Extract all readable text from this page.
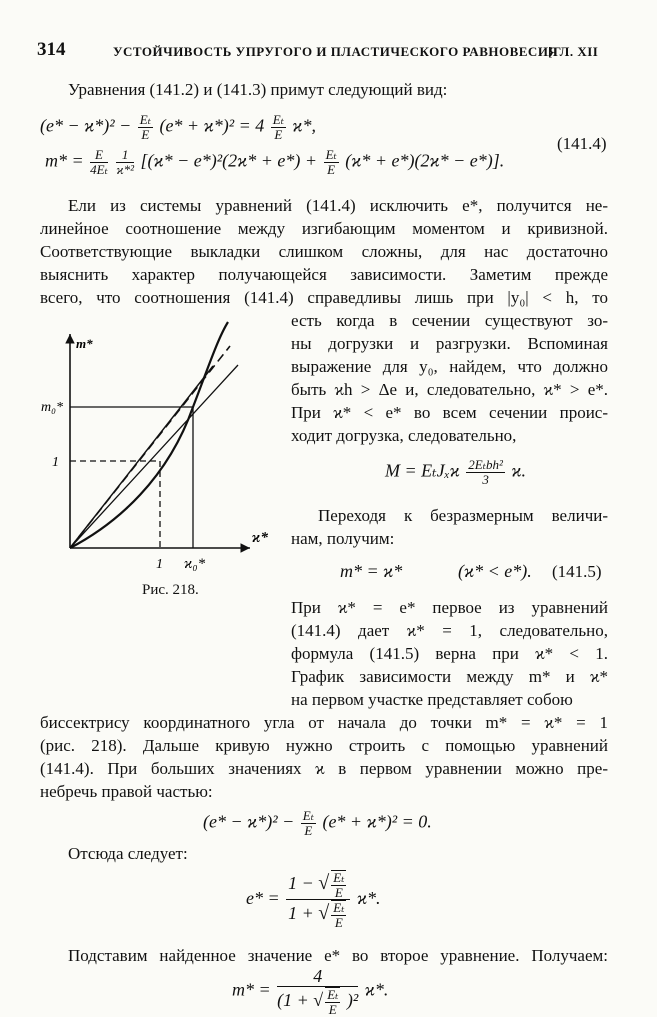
314	УСТОЙЧИВОСТЬ УПРУГОГО И ПЛАСТИЧЕСКОГО РАВНОВЕСИЯ
[ГЛ. XII
Уравнения (141.2) и (141.3) примут следующий вид:
$(e* - ϰ*)^2 - \frac{\text{Eₜ}}{E} (e* + ϰ*)^2 = 4 \frac{\text{Eₜ}}{E} ϰ*$,
(141.4)
$m* = \frac{E}{\text{4Eₜ}}$
$\frac{1}{\text{ϰ*²}} [(ϰ* - e*)^2(2ϰ* + e*) + \frac{\text{Eₜ}}{E} (ϰ* + e*)(2ϰ* - e*)]$.
Ели из системы уравнений (141.4) исключить e*, получится не-
линейное соотношение между изгибающим моментом и кривизной.
Соответствующие выкладки слишком сложны, для нас достаточно
выяснить характер получающейся зависимости. Заметим прежде
всего, что соотношения (141.4) справедливы лишь при |y₀| < h, то
есть когда в сечении существуют зо-
ны догрузки и разгрузки. Вспоминая
выражение для y₀, найдем, что должно
быть ϰh > Δe и, следовательно, ϰ* > e*.
При ϰ* < e* во всем сечении проис-
ходит догрузка, следовательно,
M = EₜJₓϰ $\frac{\text{2Eₜbh²}}{3} ϰ$.
Переходя к безразмерным величи-
нам, получим:
m* = ϰ*	(ϰ* < e*). (141.5)
При ϰ* = e* первое из уравнений
(141.4) дает ϰ* = 1, следовательно,
формула (141.5) верна при ϰ* < 1.
График зависимости между m* и ϰ*
на первом участке представляет собою
биссектрису координатного угла от начала до точки m* = ϰ* = 1
(рис. 218). Дальше кривую нужно строить с помощью уравнений
(141.4). При больших значениях ϰ в первом уравнении можно пре-
небречь правой частью:
$(e* - ϰ*)^2 - \frac{\text{Eₜ}}{E} (e* + ϰ*)^2 = 0$.
Отсюда следует:
$e* = \frac{1 - √ \frac{\text{Eₜ}}{E}}{1 + √ \frac{\text{Eₜ}}{E}} ϰ*$.
Подставим найденное значение e* во второе уравнение. Получаем:
$m* = \frac{4}{(1 + √ \frac{\text{Eₜ}}{E} )^2} ϰ*$.
m*
ϰ*
m₀*
1
1 ϰ₀*
Рис. 218.
